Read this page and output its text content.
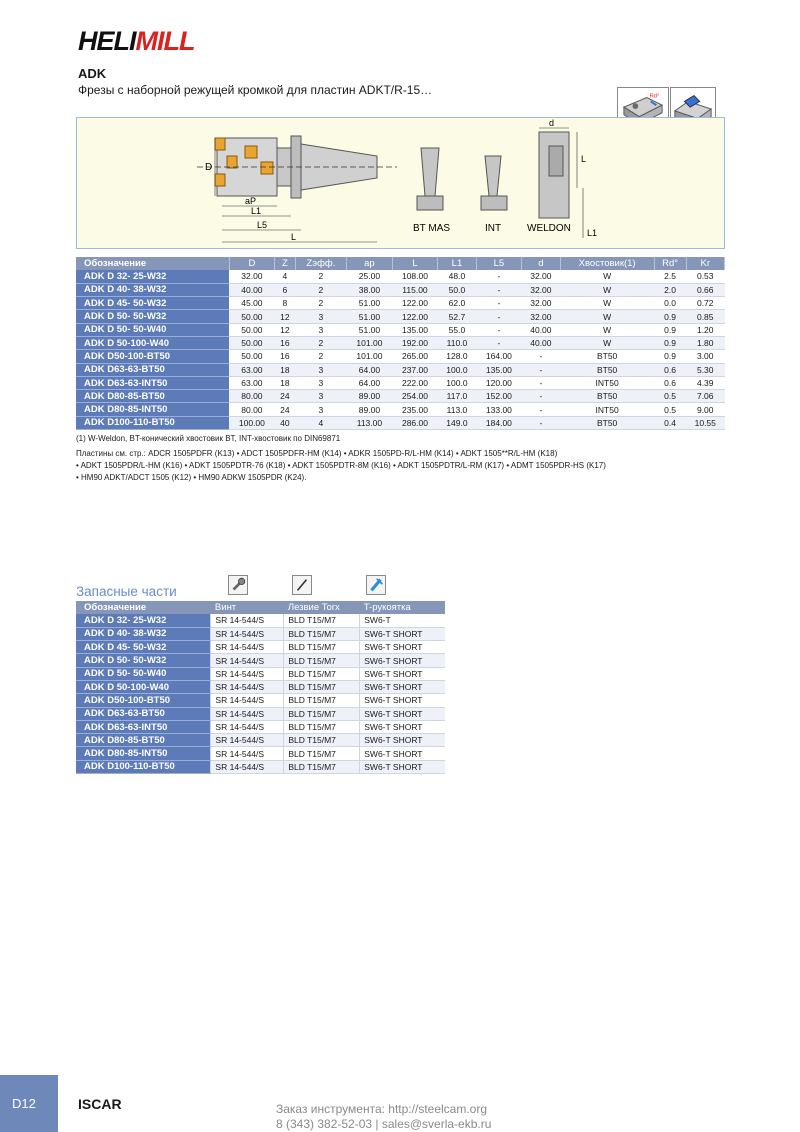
HELIMILL
ADK
Фрезы с наборной режущей кромкой для пластин ADKT/R-15…	Rd°
D
aP
L1
L5
L
BT MAS	INT	WELDON
d
L
L1
Обозначение	D	Z	Zэфф.	ap	L	L1	L5	d	Хвостовик(1)	Rd°	Kr
ADK D 32- 25-W32	32.00	4	2	25.00	108.00	48.0	-	32.00	W	2.5	0.53
ADK D 40- 38-W32	40.00	6	2	38.00	115.00	50.0	-	32.00	W	2.0	0.66
ADK D 45- 50-W32	45.00	8	2	51.00	122.00	62.0	-	32.00	W	0.0	0.72
ADK D 50- 50-W32	50.00	12	3	51.00	122.00	52.7	-	32.00	W	0.9	0.85
ADK D 50- 50-W40	50.00	12	3	51.00	135.00	55.0	-	40.00	W	0.9	1.20
ADK D 50-100-W40	50.00	16	2	101.00	192.00	110.0	-	40.00	W	0.9	1.80
ADK D50-100-BT50	50.00	16	2	101.00	265.00	128.0	164.00	-	BT50	0.9	3.00
ADK D63-63-BT50	63.00	18	3	64.00	237.00	100.0	135.00	-	BT50	0.6	5.30
ADK D63-63-INT50	63.00	18	3	64.00	222.00	100.0	120.00	-	INT50	0.6	4.39
ADK D80-85-BT50	80.00	24	3	89.00	254.00	117.0	152.00	-	BT50	0.5	7.06
ADK D80-85-INT50	80.00	24	3	89.00	235.00	113.0	133.00	-	INT50	0.5	9.00
ADK D100-110-BT50	100.00	40	4	113.00	286.00	149.0	184.00	-	BT50	0.4	10.55
(1) W-Weldon, BT-конический хвостовик BT, INT-хвостовик по DIN69871
Пластины см. стр.: ADCR 1505PDFR (K13) • ADCT 1505PDFR-HM (K14) • ADKR 1505PD-R/L-HM (K14) • ADKT 1505**R/L-HM (K18)
• ADKT 1505PDR/L-HM (K16) • ADKT 1505PDTR-76 (K18) • ADKT 1505PDTR-8M (K16) • ADKT 1505PDTR/L-RM (K17) • ADMT 1505PDR-HS (K17)
• HM90 ADKT/ADCT 1505 (K12) • HM90 ADKW 1505PDR (K24).
Запасные части
Обозначение	Винт	Лезвие Torx	T-рукоятка
ADK D 32- 25-W32	SR 14-544/S	BLD T15/M7	SW6-T
ADK D 40- 38-W32	SR 14-544/S	BLD T15/M7	SW6-T SHORT
ADK D 45- 50-W32	SR 14-544/S	BLD T15/M7	SW6-T SHORT
ADK D 50- 50-W32	SR 14-544/S	BLD T15/M7	SW6-T SHORT
ADK D 50- 50-W40	SR 14-544/S	BLD T15/M7	SW6-T SHORT
ADK D 50-100-W40	SR 14-544/S	BLD T15/M7	SW6-T SHORT
ADK D50-100-BT50	SR 14-544/S	BLD T15/M7	SW6-T SHORT
ADK D63-63-BT50	SR 14-544/S	BLD T15/M7	SW6-T SHORT
ADK D63-63-INT50	SR 14-544/S	BLD T15/M7	SW6-T SHORT
ADK D80-85-BT50	SR 14-544/S	BLD T15/M7	SW6-T SHORT
ADK D80-85-INT50	SR 14-544/S	BLD T15/M7	SW6-T SHORT
ADK D100-110-BT50	SR 14-544/S	BLD T15/M7	SW6-T SHORT
D12	ISCAR	Заказ инструмента: http://steelcam.org
8 (343) 382-52-03 | sales@sverla-ekb.ru
